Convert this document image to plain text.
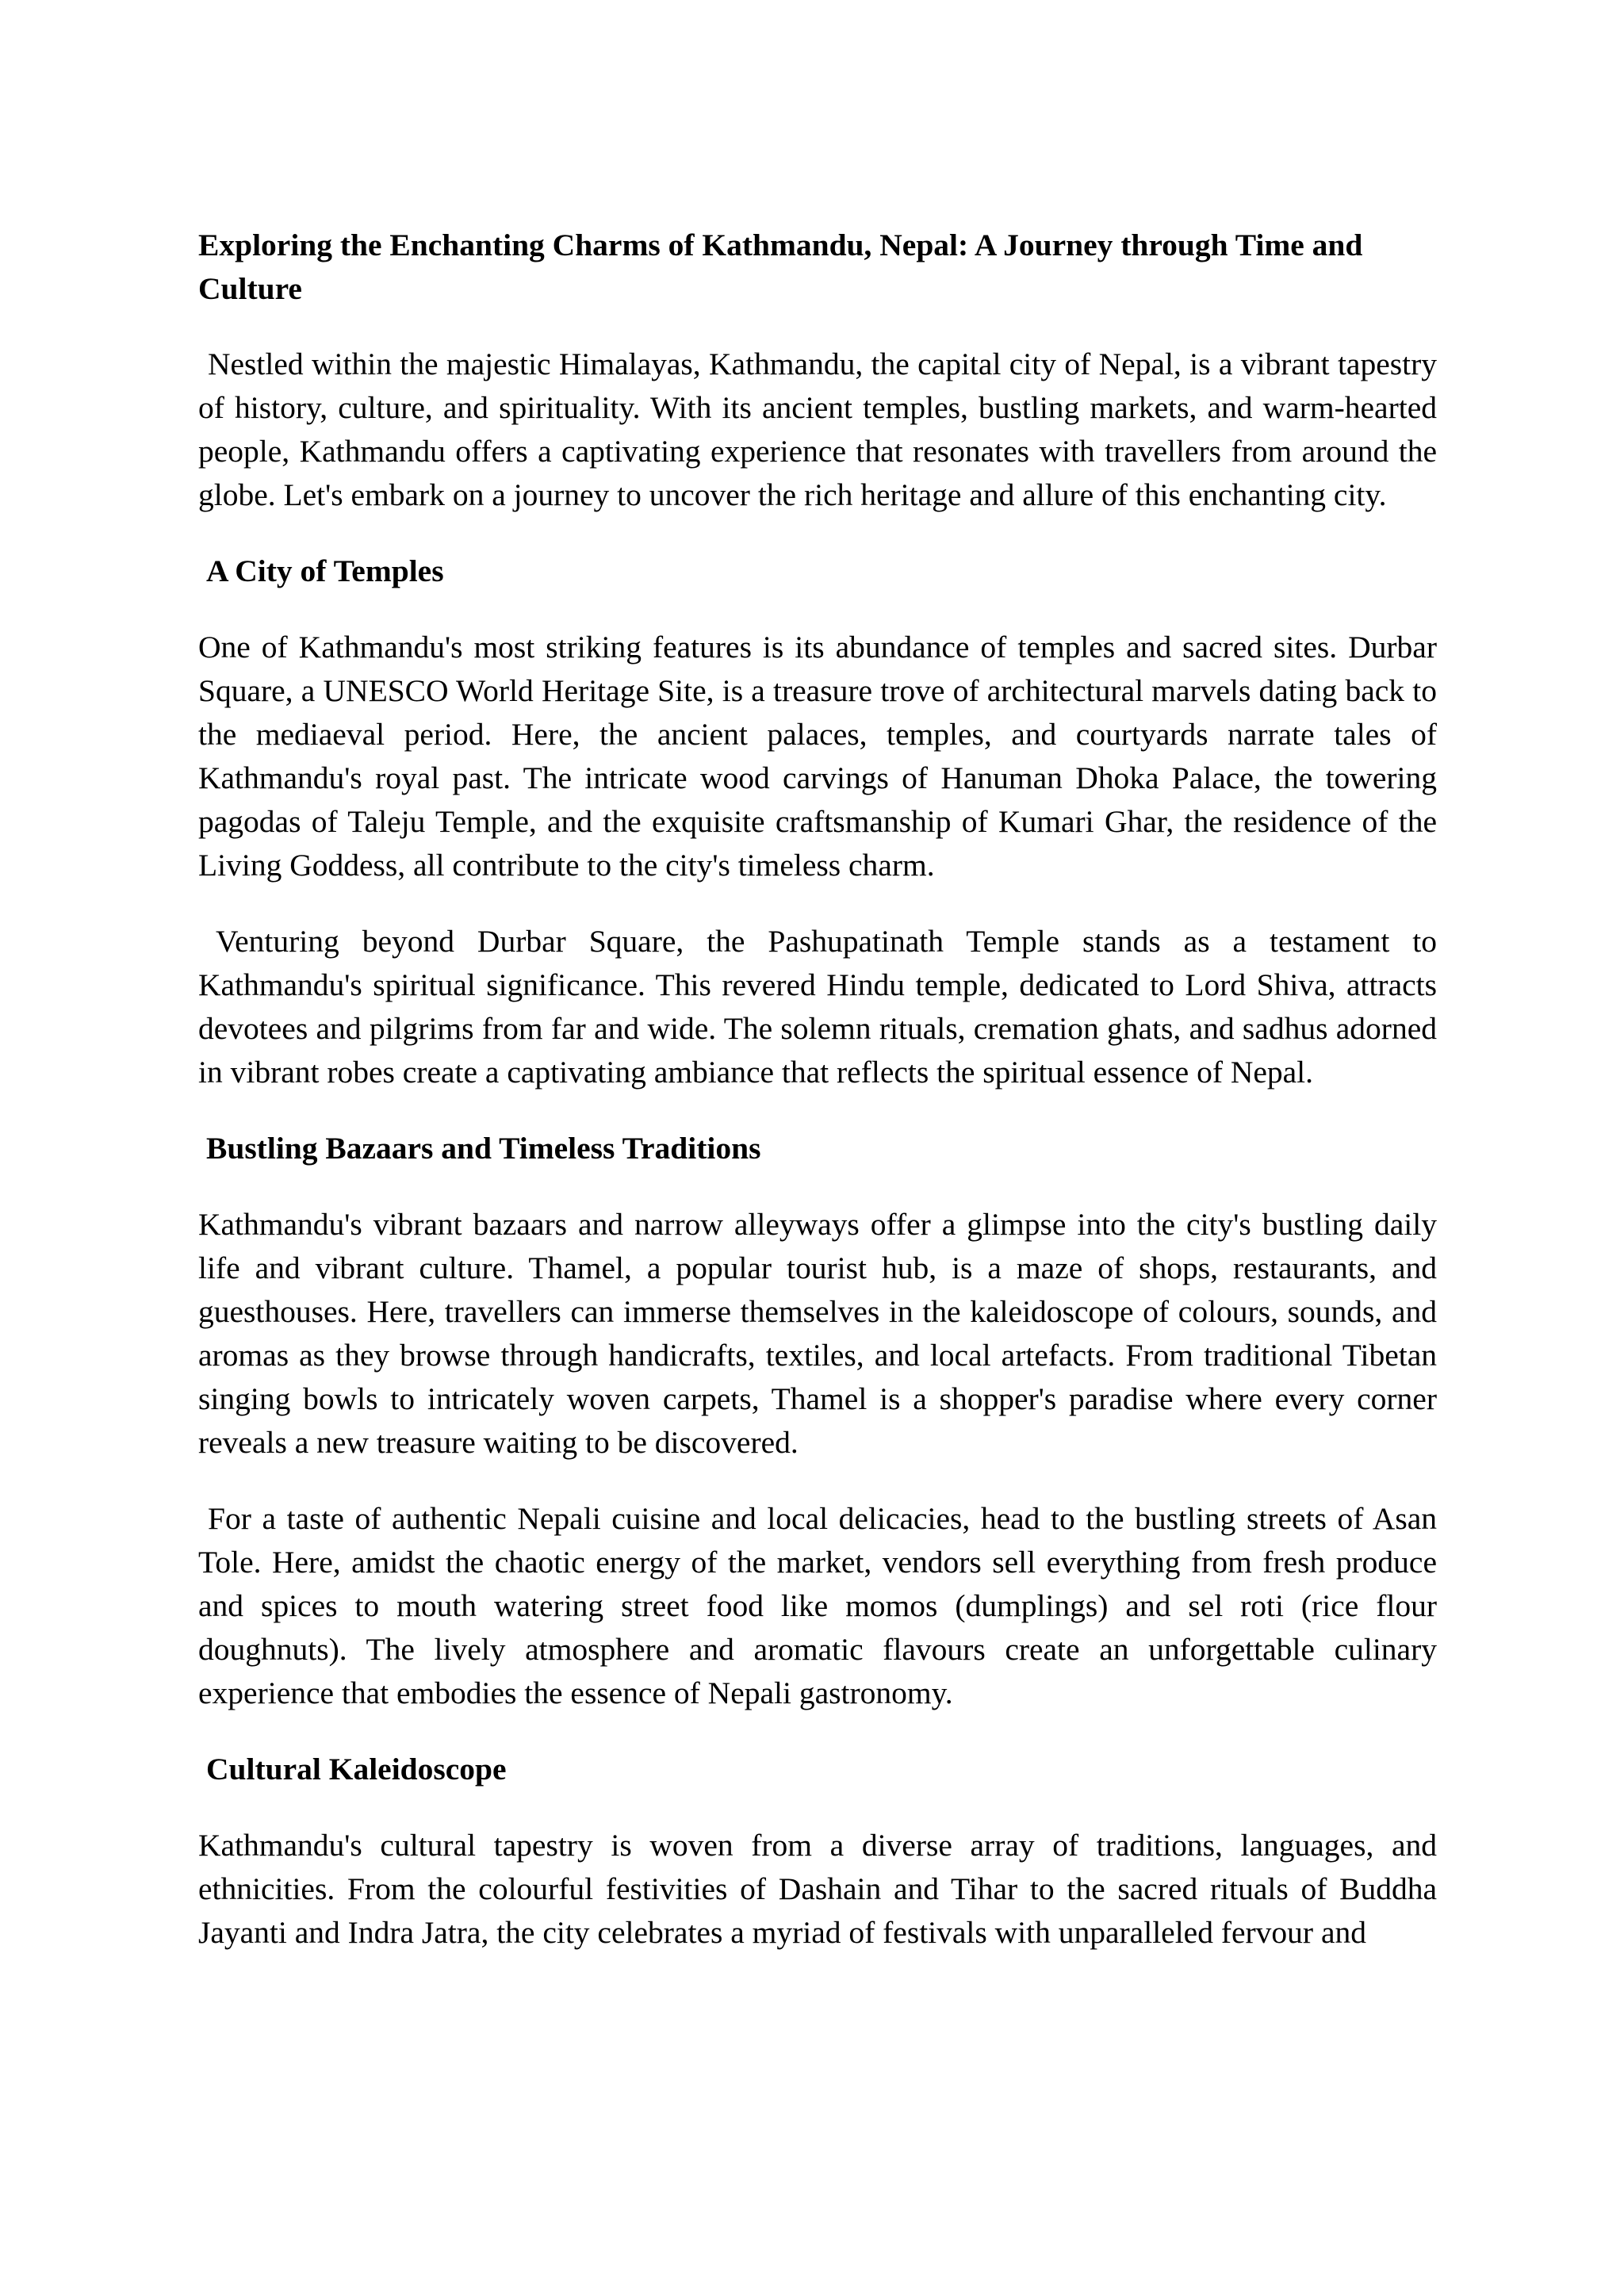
Exploring the Enchanting Charms of Kathmandu, Nepal: A Journey through Time and Culture

Nestled within the majestic Himalayas, Kathmandu, the capital city of Nepal, is a vibrant tapestry of history, culture, and spirituality. With its ancient temples, bustling markets, and warm-hearted people, Kathmandu offers a captivating experience that resonates with travellers from around the globe. Let's embark on a journey to uncover the rich heritage and allure of this enchanting city.

A City of Temples

One of Kathmandu's most striking features is its abundance of temples and sacred sites. Durbar Square, a UNESCO World Heritage Site, is a treasure trove of architectural marvels dating back to the mediaeval period. Here, the ancient palaces, temples, and courtyards narrate tales of Kathmandu's royal past. The intricate wood carvings of Hanuman Dhoka Palace, the towering pagodas of Taleju Temple, and the exquisite craftsmanship of Kumari Ghar, the residence of the Living Goddess, all contribute to the city's timeless charm.

Venturing beyond Durbar Square, the Pashupatinath Temple stands as a testament to Kathmandu's spiritual significance. This revered Hindu temple, dedicated to Lord Shiva, attracts devotees and pilgrims from far and wide. The solemn rituals, cremation ghats, and sadhus adorned in vibrant robes create a captivating ambiance that reflects the spiritual essence of Nepal.

Bustling Bazaars and Timeless Traditions

Kathmandu's vibrant bazaars and narrow alleyways offer a glimpse into the city's bustling daily life and vibrant culture. Thamel, a popular tourist hub, is a maze of shops, restaurants, and guesthouses. Here, travellers can immerse themselves in the kaleidoscope of colours, sounds, and aromas as they browse through handicrafts, textiles, and local artefacts. From traditional Tibetan singing bowls to intricately woven carpets, Thamel is a shopper's paradise where every corner reveals a new treasure waiting to be discovered.

For a taste of authentic Nepali cuisine and local delicacies, head to the bustling streets of Asan Tole. Here, amidst the chaotic energy of the market, vendors sell everything from fresh produce and spices to mouth watering street food like momos (dumplings) and sel roti (rice flour doughnuts). The lively atmosphere and aromatic flavours create an unforgettable culinary experience that embodies the essence of Nepali gastronomy.

Cultural Kaleidoscope

Kathmandu's cultural tapestry is woven from a diverse array of traditions, languages, and ethnicities. From the colourful festivities of Dashain and Tihar to the sacred rituals of Buddha Jayanti and Indra Jatra, the city celebrates a myriad of festivals with unparalleled fervour and
